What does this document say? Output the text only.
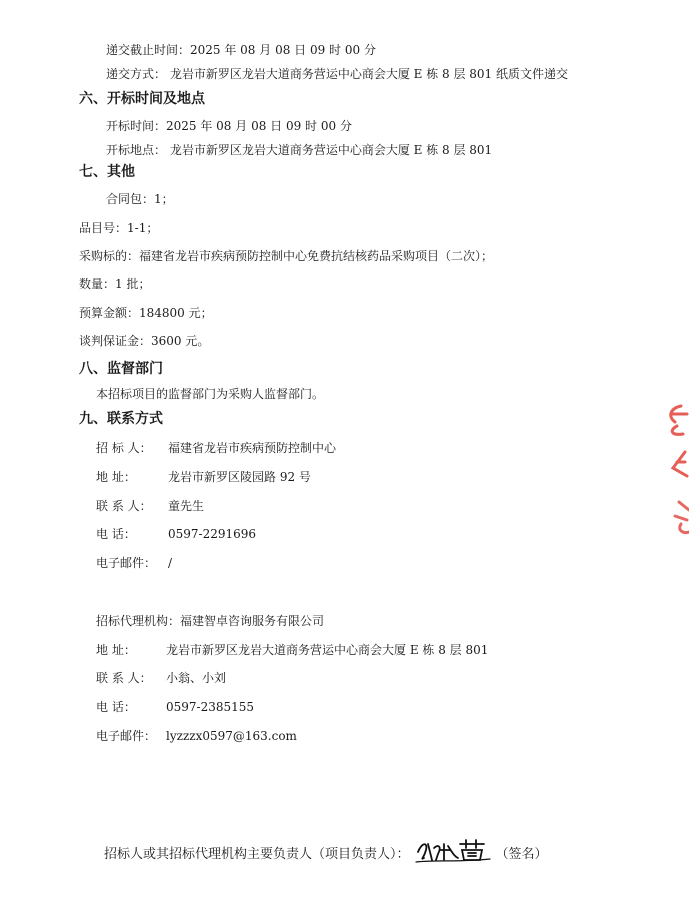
递交截止时间：2025 年 08 月 08 日 09 时 00 分
递交方式： 龙岩市新罗区龙岩大道商务营运中心商会大厦 E 栋 8 层 801 纸质文件递交
六、开标时间及地点
开标时间：2025 年 08 月 08 日 09 时 00 分
开标地点： 龙岩市新罗区龙岩大道商务营运中心商会大厦 E 栋 8 层 801
七、其他
合同包：1；
品目号：1-1；
采购标的：福建省龙岩市疾病预防控制中心免费抗结核药品采购项目（二次）；
数量：1 批；
预算金额：184800 元；
谈判保证金：3600 元。
八、监督部门
本招标项目的监督部门为采购人监督部门。
九、联系方式
招 标 人： 福建省龙岩市疾病预防控制中心
地 址：	龙岩市新罗区陵园路 92 号
联 系 人： 童先生
电 话：	0597-2291696
电子邮件： /
招标代理机构：福建智卓咨询服务有限公司
地 址：	龙岩市新罗区龙岩大道商务营运中心商会大厦 E 栋 8 层 801
联 系 人： 小翁、小刘
电 话：	0597-2385155
电子邮件： lyzzzx0597@163.com
招标人或其招标代理机构主要负责人（项目负责人）：	（签名）
